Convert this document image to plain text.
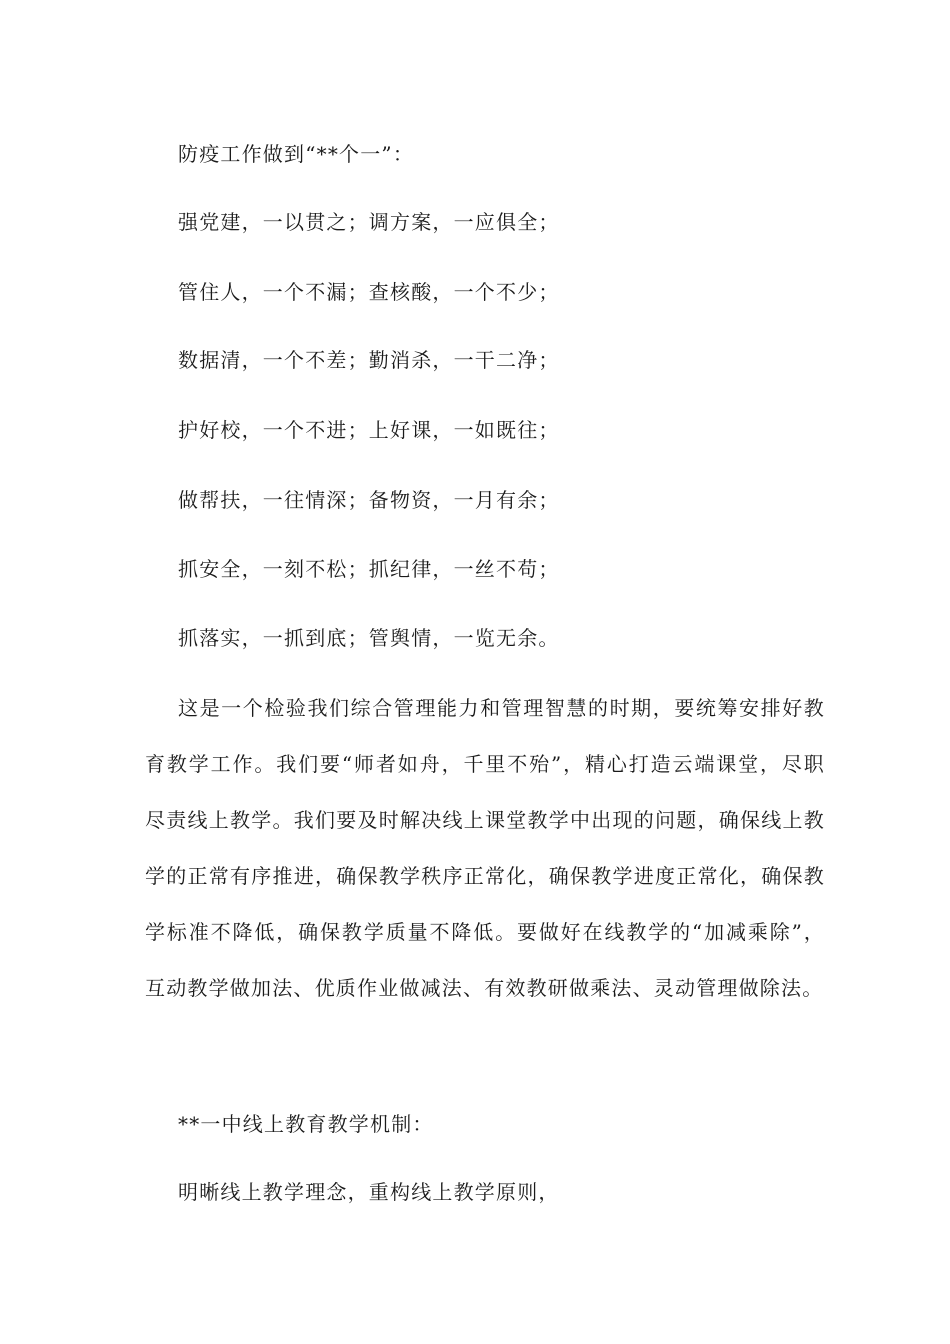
防疫工作做到“**个一”：
强党建，一以贯之；调方案，一应俱全；
管住人，一个不漏；查核酸，一个不少；
数据清，一个不差；勤消杀，一干二净；
护好校，一个不进；上好课，一如既往；
做帮扶，一往情深；备物资，一月有余；
抓安全，一刻不松；抓纪律，一丝不苟；
抓落实，一抓到底；管舆情，一览无余。
这是一个检验我们综合管理能力和管理智慧的时期，要统筹安排好教育教学工作。我们要“师者如舟，千里不殆”，精心打造云端课堂，尽职尽责线上教学。我们要及时解决线上课堂教学中出现的问题，确保线上教学的正常有序推进，确保教学秩序正常化，确保教学进度正常化，确保教学标准不降低，确保教学质量不降低。要做好在线教学的“加减乘除”，互动教学做加法、优质作业做减法、有效教研做乘法、灵动管理做除法。
**一中线上教育教学机制：
明晰线上教学理念，重构线上教学原则，
